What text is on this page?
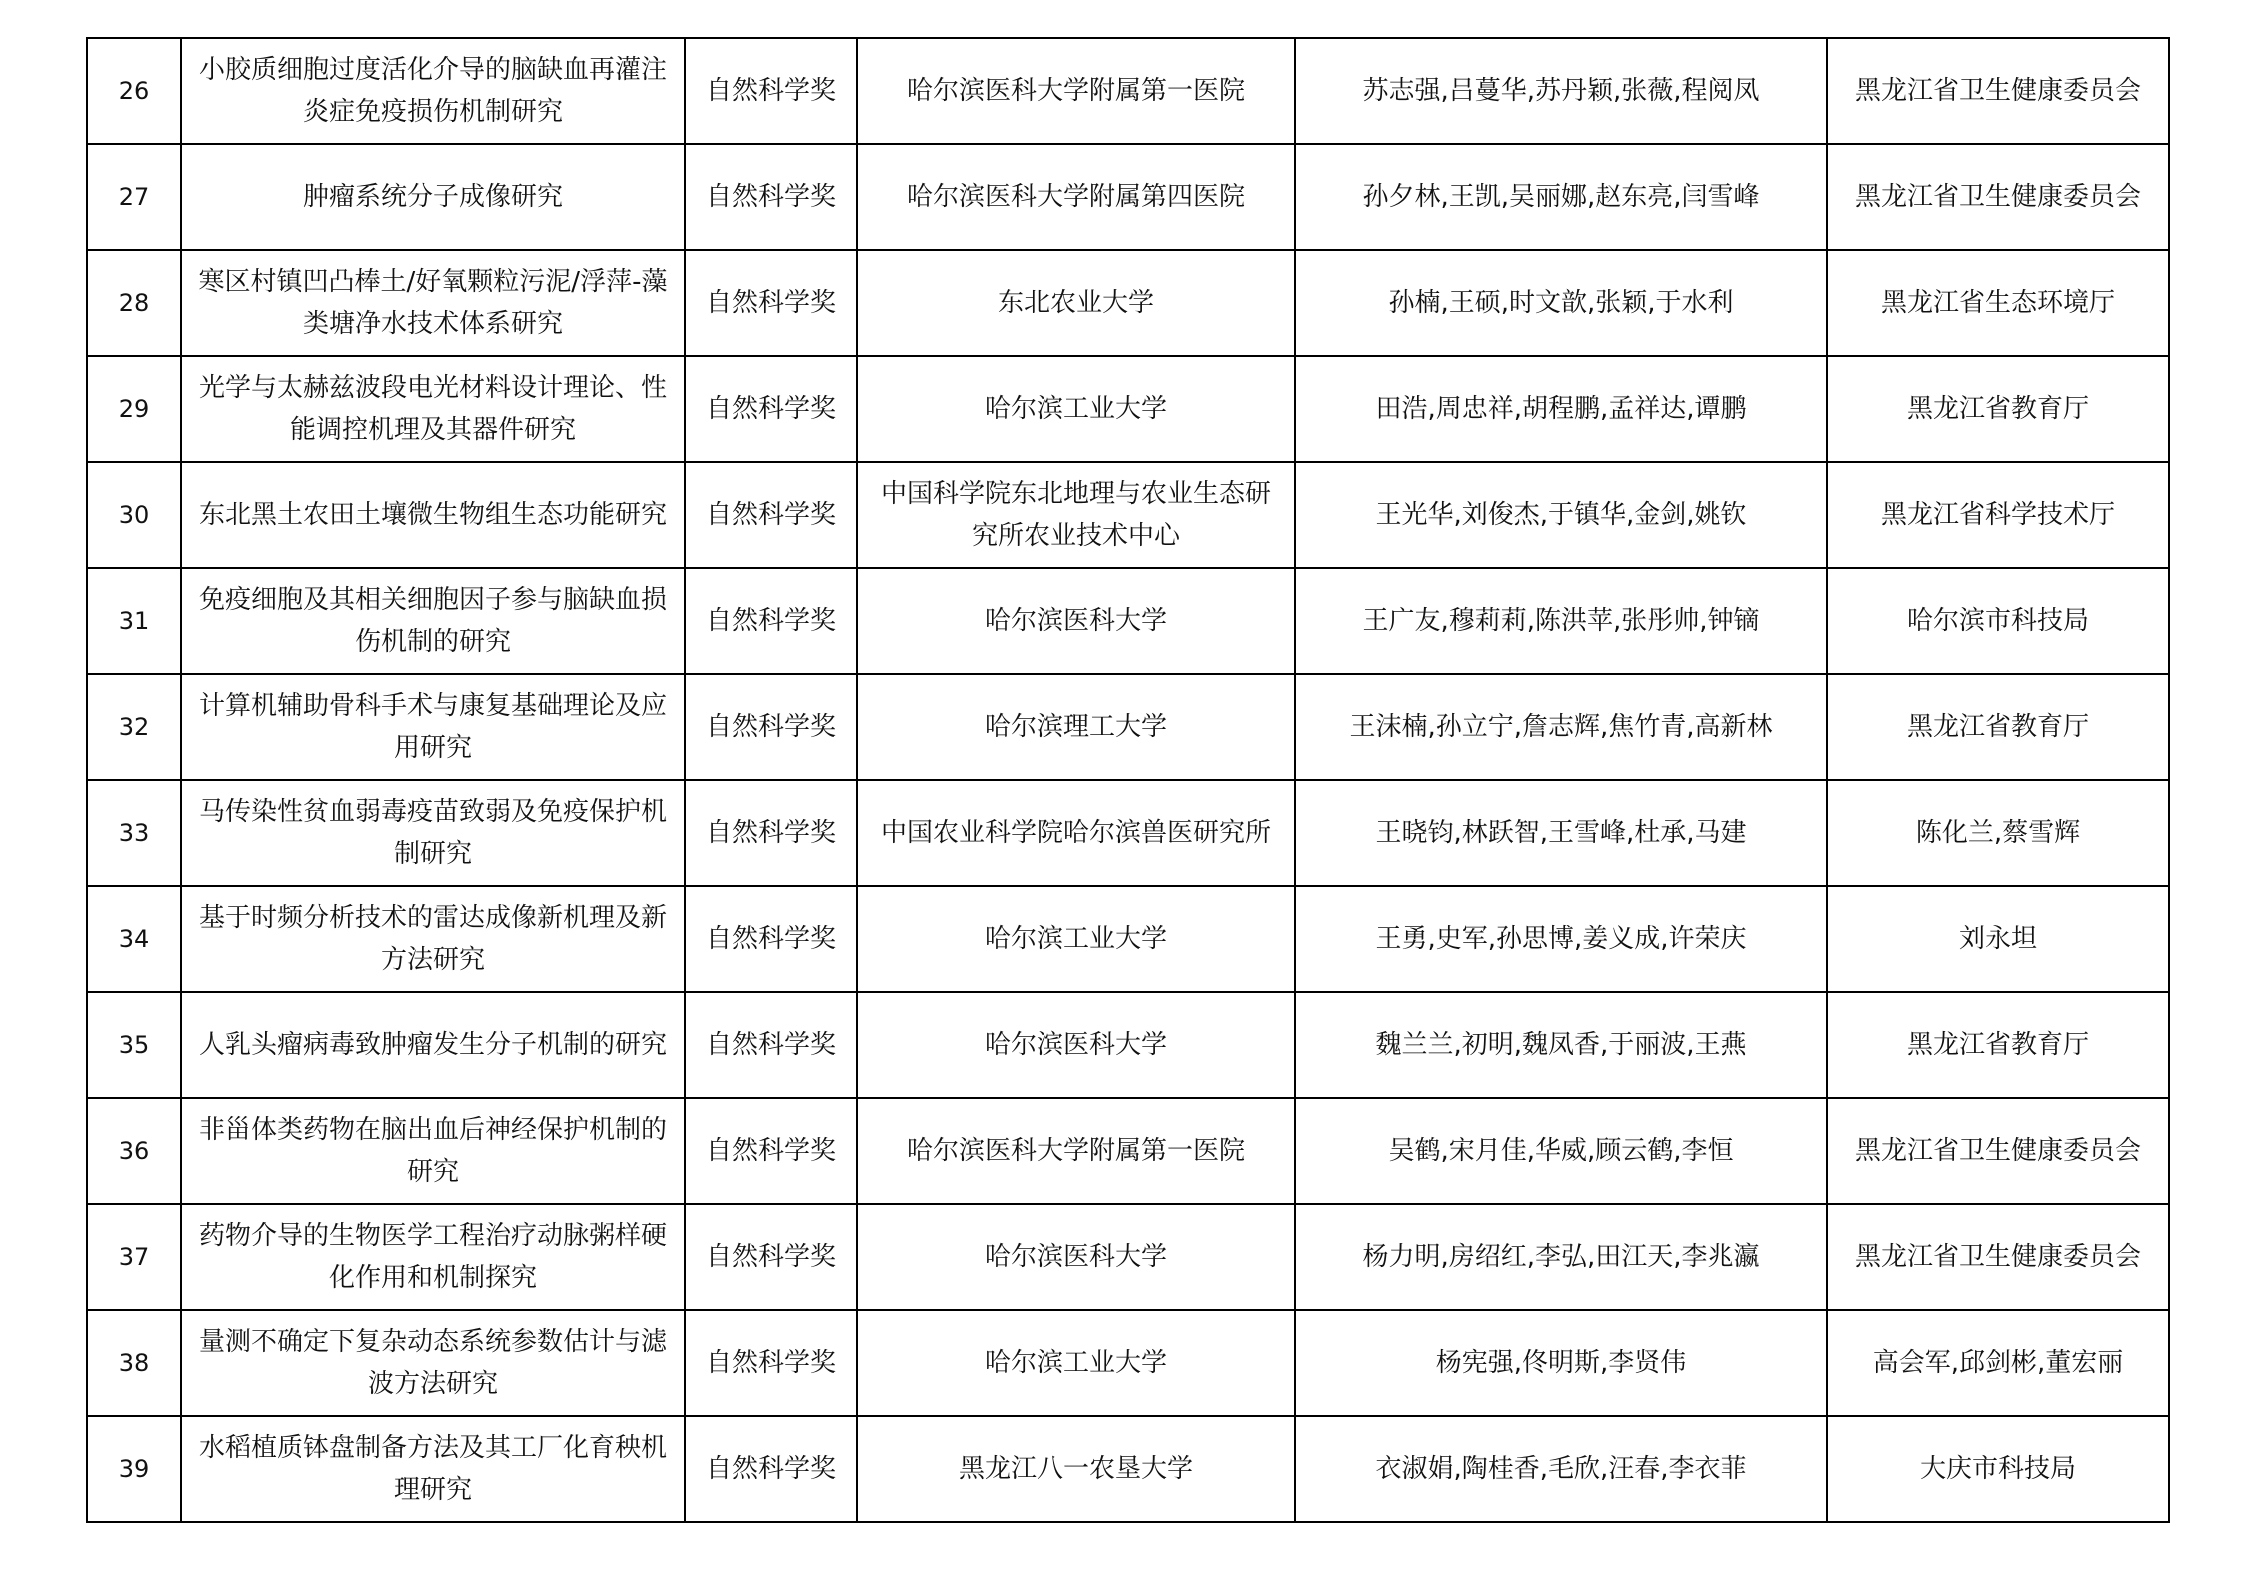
26	小胶质细胞过度活化介导的脑缺血再灌注炎症免疫损伤机制研究	自然科学奖	哈尔滨医科大学附属第一医院	苏志强,吕蔓华,苏丹颖,张薇,程阅凤	黑龙江省卫生健康委员会
27	肿瘤系统分子成像研究	自然科学奖	哈尔滨医科大学附属第四医院	孙夕林,王凯,吴丽娜,赵东亮,闫雪峰	黑龙江省卫生健康委员会
28	寒区村镇凹凸棒土/好氧颗粒污泥/浮萍-藻类塘净水技术体系研究	自然科学奖	东北农业大学	孙楠,王硕,时文歆,张颖,于水利	黑龙江省生态环境厅
29	光学与太赫兹波段电光材料设计理论、性能调控机理及其器件研究	自然科学奖	哈尔滨工业大学	田浩,周忠祥,胡程鹏,孟祥达,谭鹏	黑龙江省教育厅
30	东北黑土农田土壤微生物组生态功能研究	自然科学奖	中国科学院东北地理与农业生态研究所农业技术中心	王光华,刘俊杰,于镇华,金剑,姚钦	黑龙江省科学技术厅
31	免疫细胞及其相关细胞因子参与脑缺血损伤机制的研究	自然科学奖	哈尔滨医科大学	王广友,穆莉莉,陈洪苹,张彤帅,钟镝	哈尔滨市科技局
32	计算机辅助骨科手术与康复基础理论及应用研究	自然科学奖	哈尔滨理工大学	王沫楠,孙立宁,詹志辉,焦竹青,高新林	黑龙江省教育厅
33	马传染性贫血弱毒疫苗致弱及免疫保护机制研究	自然科学奖	中国农业科学院哈尔滨兽医研究所	王晓钧,林跃智,王雪峰,杜承,马建	陈化兰,蔡雪辉
34	基于时频分析技术的雷达成像新机理及新方法研究	自然科学奖	哈尔滨工业大学	王勇,史军,孙思博,姜义成,许荣庆	刘永坦
35	人乳头瘤病毒致肿瘤发生分子机制的研究	自然科学奖	哈尔滨医科大学	魏兰兰,初明,魏凤香,于丽波,王燕	黑龙江省教育厅
36	非甾体类药物在脑出血后神经保护机制的研究	自然科学奖	哈尔滨医科大学附属第一医院	吴鹤,宋月佳,华威,顾云鹤,李恒	黑龙江省卫生健康委员会
37	药物介导的生物医学工程治疗动脉粥样硬化作用和机制探究	自然科学奖	哈尔滨医科大学	杨力明,房绍红,李弘,田江天,李兆瀛	黑龙江省卫生健康委员会
38	量测不确定下复杂动态系统参数估计与滤波方法研究	自然科学奖	哈尔滨工业大学	杨宪强,佟明斯,李贤伟	高会军,邱剑彬,董宏丽
39	水稻植质钵盘制备方法及其工厂化育秧机理研究	自然科学奖	黑龙江八一农垦大学	衣淑娟,陶桂香,毛欣,汪春,李衣菲	大庆市科技局
